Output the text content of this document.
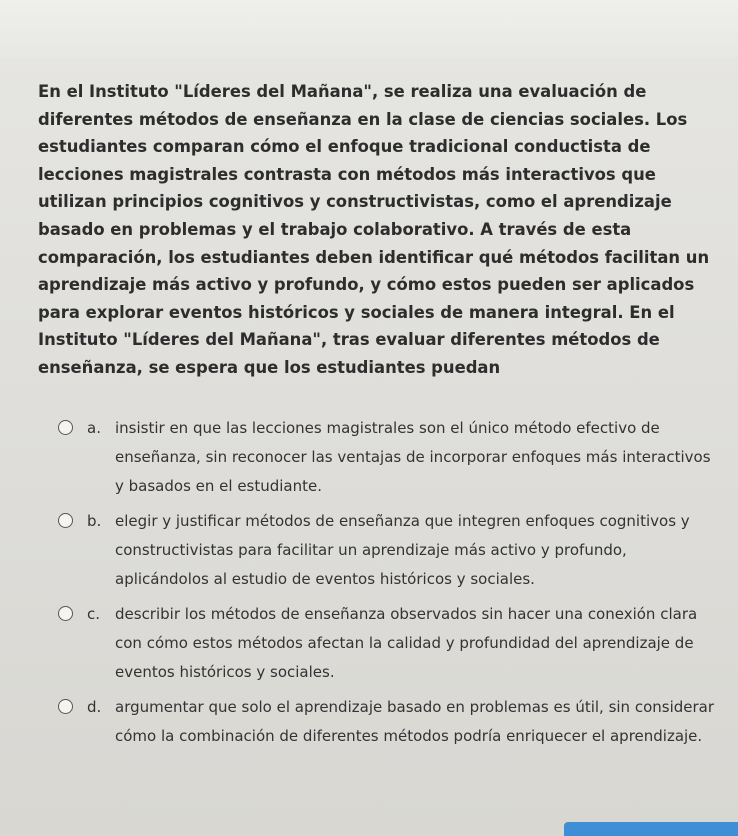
En el Instituto "Líderes del Mañana", se realiza una evaluación de diferentes métodos de enseñanza en la clase de ciencias sociales. Los estudiantes comparan cómo el enfoque tradicional conductista de lecciones magistrales contrasta con métodos más interactivos que utilizan principios cognitivos y constructivistas, como el aprendizaje basado en problemas y el trabajo colaborativo. A través de esta comparación, los estudiantes deben identificar qué métodos facilitan un aprendizaje más activo y profundo, y cómo estos pueden ser aplicados para explorar eventos históricos y sociales de manera integral. En el Instituto "Líderes del Mañana", tras evaluar diferentes métodos de enseñanza, se espera que los estudiantes puedan

a. insistir en que las lecciones magistrales son el único método efectivo de enseñanza, sin reconocer las ventajas de incorporar enfoques más interactivos y basados en el estudiante.
b. elegir y justificar métodos de enseñanza que integren enfoques cognitivos y constructivistas para facilitar un aprendizaje más activo y profundo, aplicándolos al estudio de eventos históricos y sociales.
c. describir los métodos de enseñanza observados sin hacer una conexión clara con cómo estos métodos afectan la calidad y profundidad del aprendizaje de eventos históricos y sociales.
d. argumentar que solo el aprendizaje basado en problemas es útil, sin considerar cómo la combinación de diferentes métodos podría enriquecer el aprendizaje.
